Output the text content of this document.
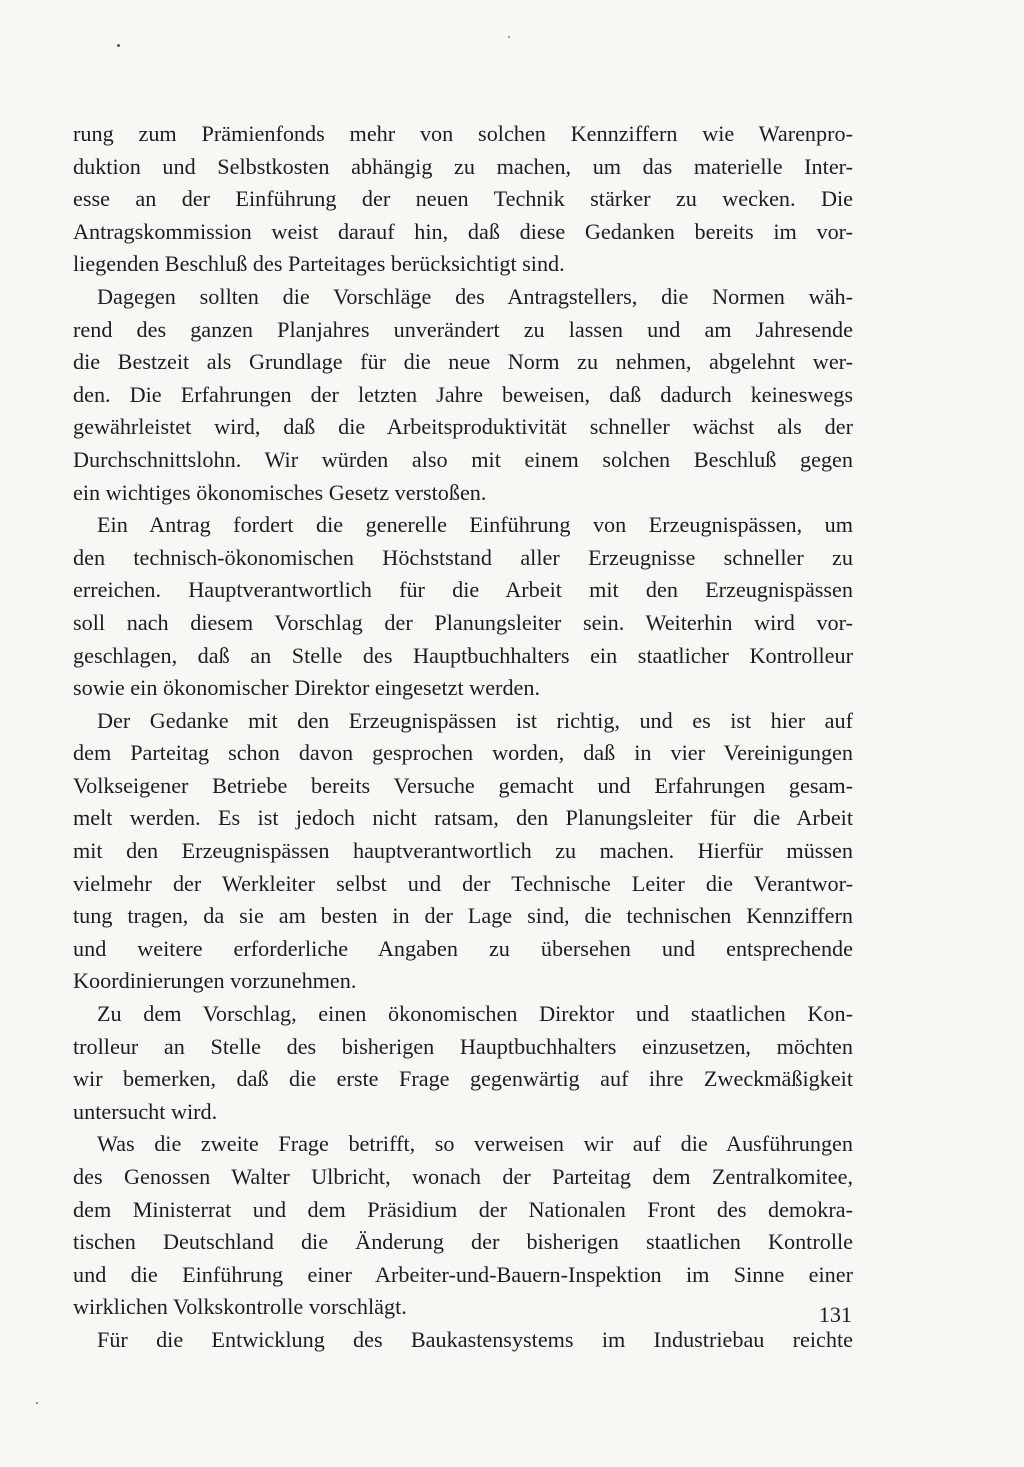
rung zum Prämienfonds mehr von solchen Kennziffern wie Warenpro-
duktion und Selbstkosten abhängig zu machen, um das materielle Inter-
esse an der Einführung der neuen Technik stärker zu wecken. Die
Antragskommission weist darauf hin, daß diese Gedanken bereits im vor-
liegenden Beschluß des Parteitages berücksichtigt sind.
Dagegen sollten die Vorschläge des Antragstellers, die Normen wäh-
rend des ganzen Planjahres unverändert zu lassen und am Jahresende
die Bestzeit als Grundlage für die neue Norm zu nehmen, abgelehnt wer-
den. Die Erfahrungen der letzten Jahre beweisen, daß dadurch keineswegs
gewährleistet wird, daß die Arbeitsproduktivität schneller wächst als der
Durchschnittslohn. Wir würden also mit einem solchen Beschluß gegen
ein wichtiges ökonomisches Gesetz verstoßen.
Ein Antrag fordert die generelle Einführung von Erzeugnispässen, um
den technisch-ökonomischen Höchststand aller Erzeugnisse schneller zu
erreichen. Hauptverantwortlich für die Arbeit mit den Erzeugnispässen
soll nach diesem Vorschlag der Planungsleiter sein. Weiterhin wird vor-
geschlagen, daß an Stelle des Hauptbuchhalters ein staatlicher Kontrolleur
sowie ein ökonomischer Direktor eingesetzt werden.
Der Gedanke mit den Erzeugnispässen ist richtig, und es ist hier auf
dem Parteitag schon davon gesprochen worden, daß in vier Vereinigungen
Volkseigener Betriebe bereits Versuche gemacht und Erfahrungen gesam-
melt werden. Es ist jedoch nicht ratsam, den Planungsleiter für die Arbeit
mit den Erzeugnispässen hauptverantwortlich zu machen. Hierfür müssen
vielmehr der Werkleiter selbst und der Technische Leiter die Verantwor-
tung tragen, da sie am besten in der Lage sind, die technischen Kennziffern
und weitere erforderliche Angaben zu übersehen und entsprechende
Koordinierungen vorzunehmen.
Zu dem Vorschlag, einen ökonomischen Direktor und staatlichen Kon-
trolleur an Stelle des bisherigen Hauptbuchhalters einzusetzen, möchten
wir bemerken, daß die erste Frage gegenwärtig auf ihre Zweckmäßigkeit
untersucht wird.
Was die zweite Frage betrifft, so verweisen wir auf die Ausführungen
des Genossen Walter Ulbricht, wonach der Parteitag dem Zentralkomitee,
dem Ministerrat und dem Präsidium der Nationalen Front des demokra-
tischen Deutschland die Änderung der bisherigen staatlichen Kontrolle
und die Einführung einer Arbeiter-und-Bauern-Inspektion im Sinne einer
wirklichen Volkskontrolle vorschlägt.
Für die Entwicklung des Baukastensystems im Industriebau reichte
131
